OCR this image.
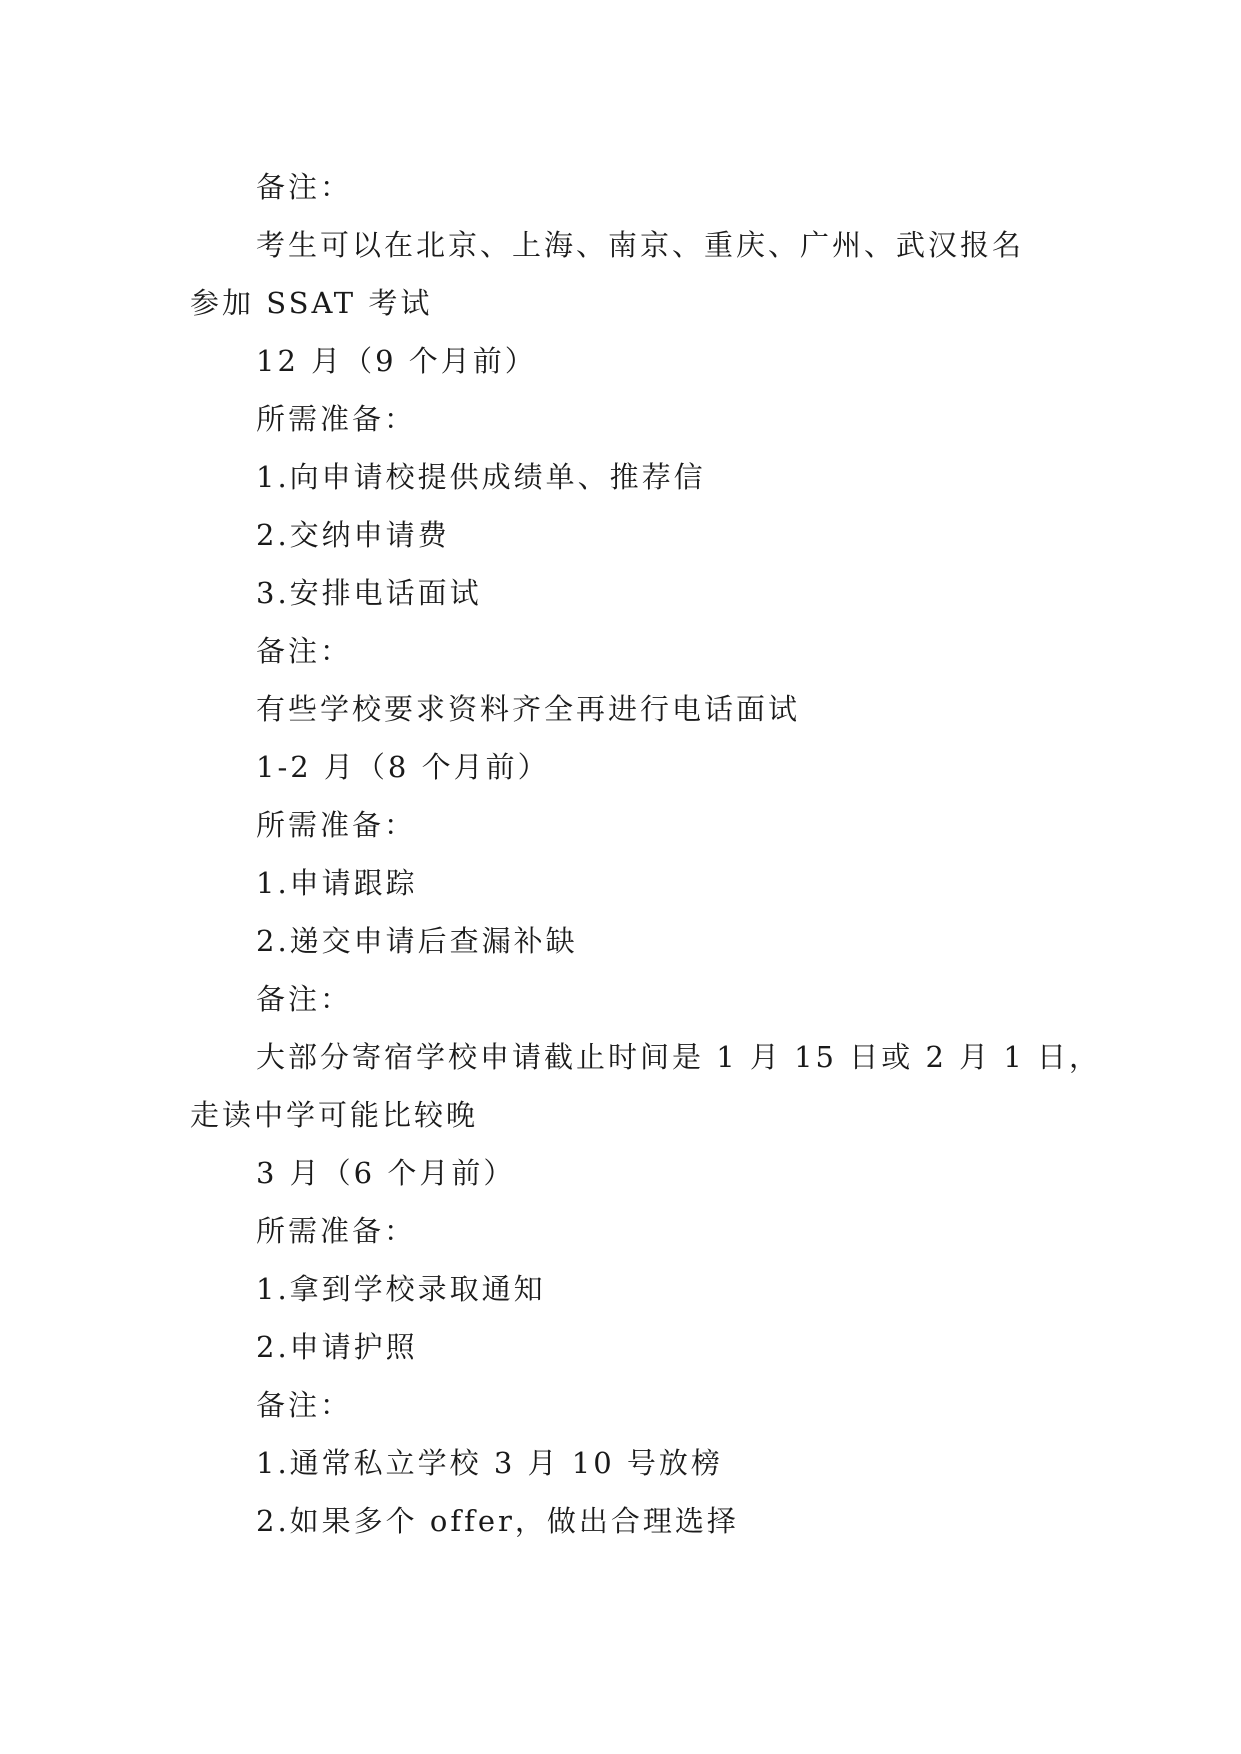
备注：
考生可以在北京、上海、南京、重庆、广州、武汉报名
参加 SSAT 考试
12 月（9 个月前）
所需准备：
1.向申请校提供成绩单、推荐信
2.交纳申请费
3.安排电话面试
备注：
有些学校要求资料齐全再进行电话面试
1-2 月（8 个月前）
所需准备：
1.申请跟踪
2.递交申请后查漏补缺
备注：
大部分寄宿学校申请截止时间是 1 月 15 日或 2 月 1 日，
走读中学可能比较晚
3 月（6 个月前）
所需准备：
1.拿到学校录取通知
2.申请护照
备注：
1.通常私立学校 3 月 10 号放榜
2.如果多个 offer，做出合理选择
